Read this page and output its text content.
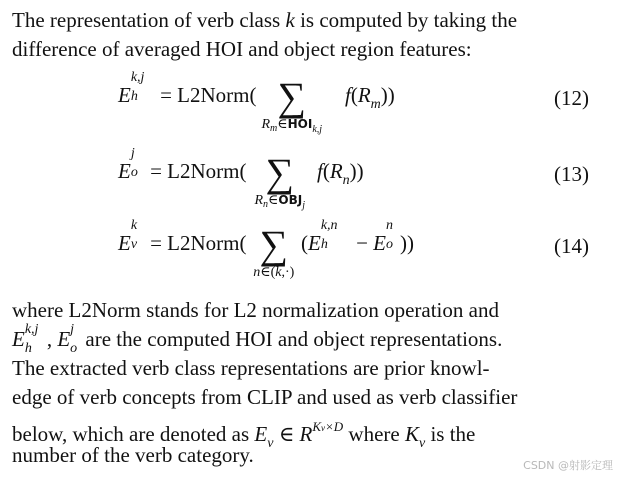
The representation of verb class k is computed by taking the
difference of averaged HOI and object region features:
E
k,j
h = L2Norm( ∑
$R_m\in HOI_{k,j}$
$f(R_m)$)	(12)
E
j
o = L2Norm( ∑
$R_n\in OBJ_j$
$f(R_n)$)	(13)
E
k
v = L2Norm( ∑
n∈(k,·)
(E
k,n
h − E
n
o ))	(14)
where L2Norm stands for L2 normalization operation and
E k,j
h , E j
o are the computed HOI and object representations.
The extracted verb class representations are prior knowl-
edge of verb concepts from CLIP and used as verb classifier
below, which are denoted as $E_v$ ∈ $R^{Kv\times D}$ where $K_v$ is the
number of the verb category.	CSDN @射影定理
